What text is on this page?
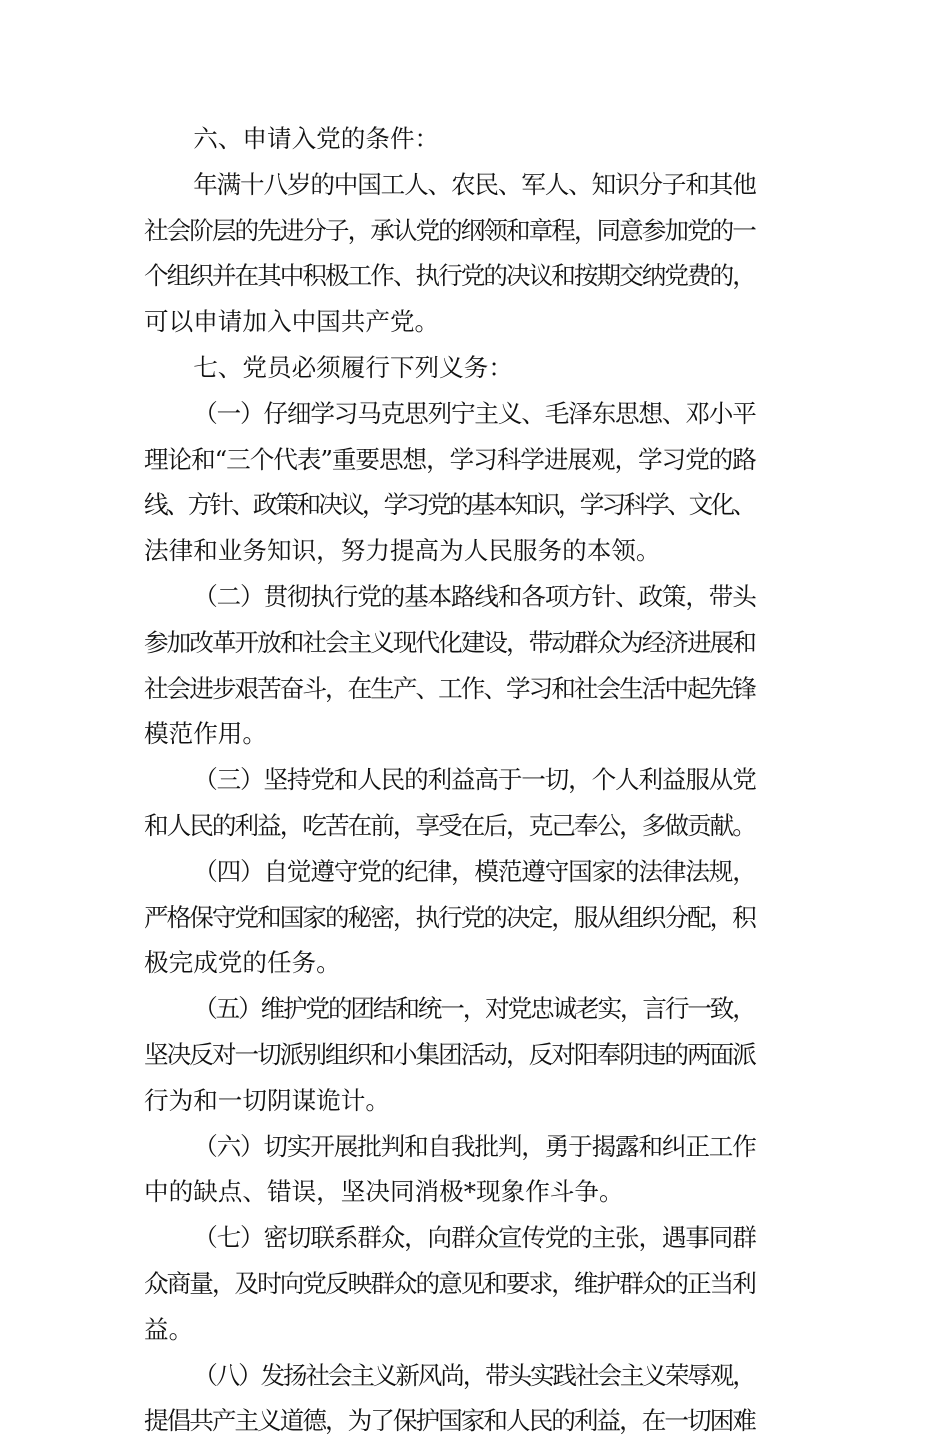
六、申请入党的条件：
年满十八岁的中国工人、农民、军人、知识分子和其他
社会阶层的先进分子，承认党的纲领和章程，同意参加党的一
个组织并在其中积极工作、执行党的决议和按期交纳党费的，
可以申请加入中国共产党。
七、党员必须履行下列义务：
（一）仔细学习马克思列宁主义、毛泽东思想、邓小平
理论和“三个代表”重要思想，学习科学进展观，学习党的路
线、方针、政策和决议，学习党的基本知识，学习科学、文化、
法律和业务知识，努力提高为人民服务的本领。
（二）贯彻执行党的基本路线和各项方针、政策，带头
参加改革开放和社会主义现代化建设，带动群众为经济进展和
社会进步艰苦奋斗，在生产、工作、学习和社会生活中起先锋
模范作用。
（三）坚持党和人民的利益高于一切，个人利益服从党
和人民的利益，吃苦在前，享受在后，克己奉公，多做贡献。
（四）自觉遵守党的纪律，模范遵守国家的法律法规，
严格保守党和国家的秘密，执行党的决定，服从组织分配，积
极完成党的任务。
（五）维护党的团结和统一，对党忠诚老实，言行一致，
坚决反对一切派别组织和小集团活动，反对阳奉阴违的两面派
行为和一切阴谋诡计。
（六）切实开展批判和自我批判，勇于揭露和纠正工作
中的缺点、错误，坚决同消极*现象作斗争。
（七）密切联系群众，向群众宣传党的主张，遇事同群
众商量，及时向党反映群众的意见和要求，维护群众的正当利
益。
（八）发扬社会主义新风尚，带头实践社会主义荣辱观，
提倡共产主义道德，为了保护国家和人民的利益，在一切困难
